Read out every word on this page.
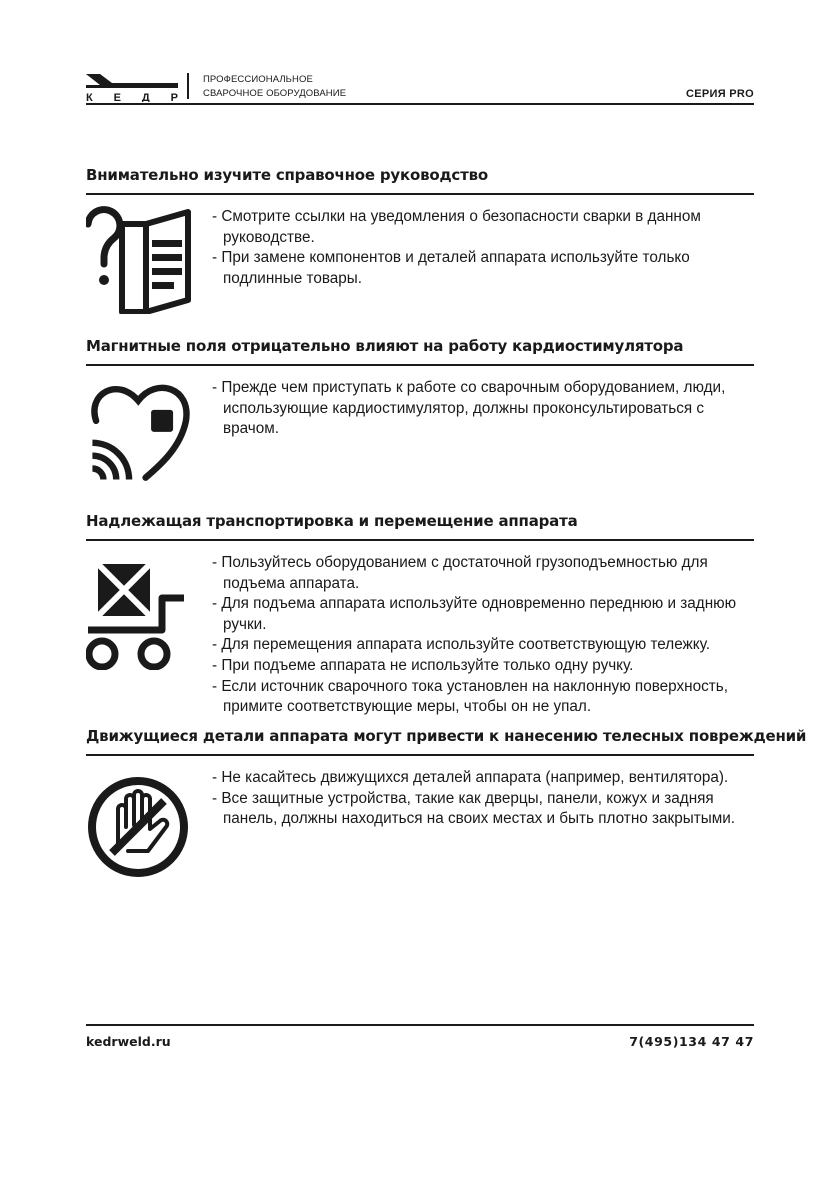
К Е Д Р
ПРОФЕССИОНАЛЬНОЕ
СВАРОЧНОЕ ОБОРУДОВАНИЕ	СЕРИЯ PRO
Внимательно изучите справочное руководство
- Смотрите ссылки на уведомления о безопасности сварки в данном руководстве.
- При замене компонентов и деталей аппарата используйте только подлинные товары.
Магнитные поля отрицательно влияют на работу кардиостимулятора
- Прежде чем приступать к работе со сварочным оборудованием, люди, использующие кардиостимулятор, должны проконсультироваться с врачом.
Надлежащая транспортировка и перемещение аппарата
- Пользуйтесь оборудованием с достаточной грузоподъемностью для подъема аппарата.
- Для подъема аппарата используйте одновременно переднюю и заднюю ручки.
- Для перемещения аппарата используйте соответствующую тележку.
- При подъеме аппарата не используйте только одну ручку.
- Если источник сварочного тока установлен на наклонную поверхность, примите соответствующие меры, чтобы он не упал.
Движущиеся детали аппарата могут привести к нанесению телесных повреждений
- Не касайтесь движущихся деталей аппарата (например, вентилятора).
- Все защитные устройства, такие как дверцы, панели, кожух и задняя панель, должны находиться на своих местах и быть плотно закрытыми.
kedrweld.ru	7(495)134 47 47
